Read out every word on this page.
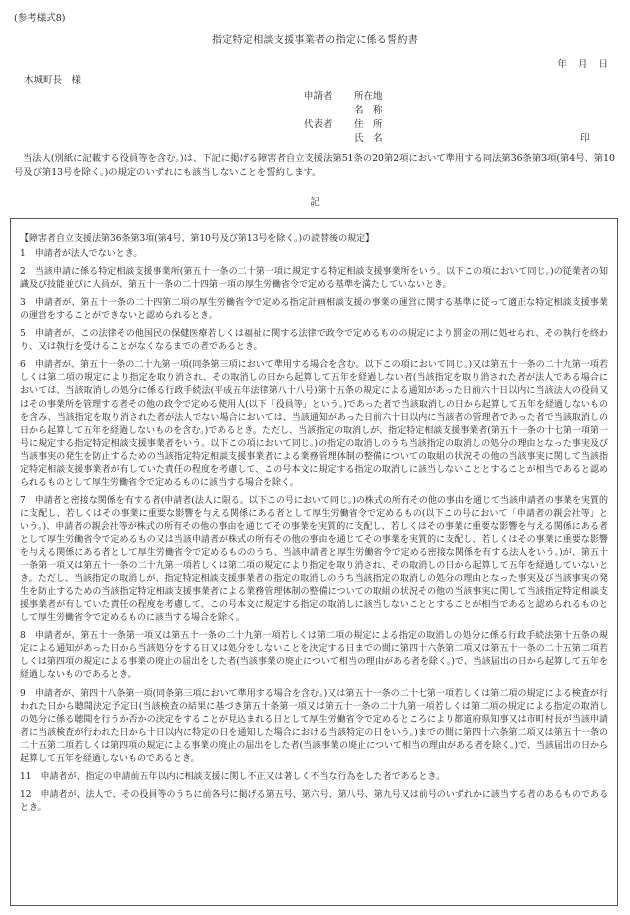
(参考様式8)
指定特定相談支援事業者の指定に係る誓約書
年 月 日
木城町長　様
申請者 所在地
名　称
代表者 住　所
氏　名	印
当法人(別紙に記載する役員等を含む。)は、下記に掲げる障害者自立支援法第51条の20第2項において準用する同法第36条第3項(第4号、第10号及び第13号を除く。)の規定のいずれにも該当しないことを誓約します。
記

【障害者自立支援法第36条第3項(第4号、第10号及び第13号を除く。)の読替後の規定】

1　申請者が法人でないとき。

2　当該申請に係る特定相談支援事業所(第五十一条の二十第一項に規定する特定相談支援事業所をいう。以下この項において同じ。)の従業者の知識及び技能並びに人員が、第五十一条の二十四第一項の厚生労働省令で定める基準を満たしていないとき。

3　申請者が、第五十一条の二十四第二項の厚生労働省令で定める指定計画相談支援の事業の運営に関する基準に従って適正な特定相談支援事業の運営をすることができないと認められるとき。

5　申請者が、この法律その他国民の保健医療若しくは福祉に関する法律で政令で定めるものの規定により罰金の刑に処せられ、その執行を終わり、又は執行を受けることがなくなるまでの者であるとき。

6　申請者が、第五十一条の二十九第一項(同条第三項において準用する場合を含む。以下この項において同じ。)又は第五十一条の二十九第一項若しくは第二項の規定により指定を取り消され、その取消しの日から起算して五年を経過しない者(当該指定を取り消された者が法人である場合においては、当該取消しの処分に係る行政手続法(平成五年法律第八十八号)第十五条の規定による通知があった日前六十日以内に当該法人の役員又はその事業所を管理する者その他の政令で定める使用人(以下「役員等」という。)であった者で当該取消しの日から起算して五年を経過しないものを含み、当該指定を取り消された者が法人でない場合においては、当該通知があった日前六十日以内に当該者の管理者であった者で当該取消しの日から起算して五年を経過しないものを含む。)であるとき。ただし、当該指定の取消しが、指定特定相談支援事業者(第五十一条の十七第一項第一号に規定する指定特定相談支援事業者をいう。以下この項において同じ。)の指定の取消しのうち当該指定の取消しの処分の理由となった事実及び当該事実の発生を防止するための当該指定特定相談支援事業者による業務管理体制の整備についての取組の状況その他の当該事実に関して当該指定特定相談支援事業者が有していた責任の程度を考慮して、この号本文に規定する指定の取消しに該当しないこととすることが相当であると認められるものとして厚生労働省令で定めるものに該当する場合を除く。

7　申請者と密接な関係を有する者(申請者(法人に限る。以下この号において同じ。)の株式の所有その他の事由を通じて当該申請者の事業を実質的に支配し、若しくはその事業に重要な影響を与える関係にある者として厚生労働省令で定めるもの(以下この号において「申請者の親会社等」という。)、申請者の親会社等が株式の所有その他の事由を通じてその事業を実質的に支配し、若しくはその事業に重要な影響を与える関係にある者として厚生労働省令で定めるもの又は当該申請者が株式の所有その他の事由を通じてその事業を実質的に支配し、若しくはその事業に重要な影響を与える関係にある者として厚生労働省令で定めるもののうち、当該申請者と厚生労働省令で定める密接な関係を有する法人をいう。)が、第五十一条第一項又は第五十一条の二十九第一項若しくは第二項の規定により指定を取り消され、その取消しの日から起算して五年を経過していないとき。ただし、当該指定の取消しが、指定特定相談支援事業者の指定の取消しのうち当該指定の取消しの処分の理由となった事実及び当該事実の発生を防止するための当該指定特定相談支援事業者による業務管理体制の整備についての取組の状況その他の当該事実に関して当該指定特定相談支援事業者が有していた責任の程度を考慮して、この号本文に規定する指定の取消しに該当しないこととすることが相当であると認められるものとして厚生労働省令で定めるものに該当する場合を除く。

8　申請者が、第五十一条第一項又は第五十一条の二十九第一項若しくは第二項の規定による指定の取消しの処分に係る行政手続法第十五条の規定による通知があった日から当該処分をする日又は処分をしないことを決定する日までの間に第四十六条第二項又は第五十一条の二十五第二項若しくは第四項の規定による事業の廃止の届出をした者(当該事業の廃止について相当の理由がある者を除く。)で、当該届出の日から起算して五年を経過しないものであるとき。

9　申請者が、第四十八条第一項(同条第三項において準用する場合を含む。)又は第五十一条の二十七第一項若しくは第二項の規定による検査が行われた日から聴聞決定予定日(当該検査の結果に基づき第五十条第一項又は第五十一条の二十九第一項若しくは第二項の規定による指定の取消しの処分に係る聴聞を行うか否かの決定をすることが見込まれる日として厚生労働省令で定めるところにより都道府県知事又は市町村長が当該申請者に当該検査が行われた日から十日以内に特定の日を通知した場合における当該特定の日をいう。)までの間に第四十六条第二項又は第五十一条の二十五第二項若しくは第四項の規定による事業の廃止の届出をした者(当該事業の廃止について相当の理由がある者を除く。)で、当該届出の日から起算して五年を経過しないものであるとき。

11　申請者が、指定の申請前五年以内に相談支援に関し不正又は著しく不当な行為をした者であるとき。

12　申請者が、法人で、その役員等のうちに前各号に掲げる第五号、第六号、第八号、第九号又は前号のいずれかに該当する者のあるものであるとき。
